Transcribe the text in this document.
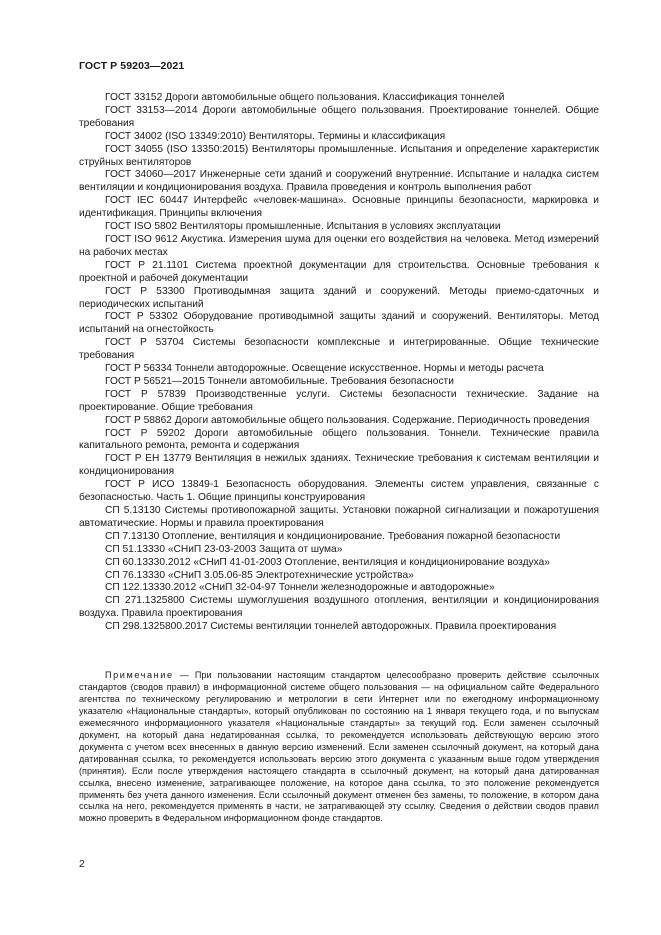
ГОСТ Р 59203—2021

ГОСТ 33152 Дороги автомобильные общего пользования. Классификация тоннелей

ГОСТ 33153—2014 Дороги автомобильные общего пользования. Проектирование тоннелей. Общие требования

ГОСТ 34002 (ISO 13349:2010) Вентиляторы. Термины и классификация

ГОСТ 34055 (ISO 13350:2015) Вентиляторы промышленные. Испытания и определение характеристик струйных вентиляторов

ГОСТ 34060—2017 Инженерные сети зданий и сооружений внутренние. Испытание и наладка систем вентиляции и кондиционирования воздуха. Правила проведения и контроль выполнения работ

ГОСТ IEC 60447 Интерфейс «человек-машина». Основные принципы безопасности, маркировка и идентификация. Принципы включения

ГОСТ ISO 5802 Вентиляторы промышленные. Испытания в условиях эксплуатации

ГОСТ ISO 9612 Акустика. Измерения шума для оценки его воздействия на человека. Метод измерений на рабочих местах

ГОСТ Р 21.1101 Система проектной документации для строительства. Основные требования к проектной и рабочей документации

ГОСТ Р 53300 Противодымная защита зданий и сооружений. Методы приемо-сдаточных и периодических испытаний

ГОСТ Р 53302 Оборудование противодымной защиты зданий и сооружений. Вентиляторы. Метод испытаний на огнестойкость

ГОСТ Р 53704 Системы безопасности комплексные и интегрированные. Общие технические требования

ГОСТ Р 56334 Тоннели автодорожные. Освещение искусственное. Нормы и методы расчета

ГОСТ Р 56521—2015 Тоннели автомобильные. Требования безопасности

ГОСТ Р 57839 Производственные услуги. Системы безопасности технические. Задание на проектирование. Общие требования

ГОСТ Р 58862 Дороги автомобильные общего пользования. Содержание. Периодичность проведения

ГОСТ Р 59202 Дороги автомобильные общего пользования. Тоннели. Технические правила капитального ремонта, ремонта и содержания

ГОСТ Р ЕН 13779 Вентиляция в нежилых зданиях. Технические требования к системам вентиляции и кондиционирования

ГОСТ Р ИСО 13849-1 Безопасность оборудования. Элементы систем управления, связанные с безопасностью. Часть 1. Общие принципы конструирования

СП 5.13130 Системы противопожарной защиты. Установки пожарной сигнализации и пожаротушения автоматические. Нормы и правила проектирования

СП 7.13130 Отопление, вентиляция и кондиционирование. Требования пожарной безопасности

СП 51.13330 «СНиП 23-03-2003 Защита от шума»

СП 60.13330.2012 «СНиП 41-01-2003 Отопление, вентиляция и кондиционирование воздуха»

СП 76.13330 «СНиП 3.05.06-85 Электротехнические устройства»

СП 122.13330.2012 «СНиП 32-04-97 Тоннели железнодорожные и автодорожные»

СП 271.1325800 Системы шумоглушения воздушного отопления, вентиляции и кондиционирования воздуха. Правила проектирования

СП 298.1325800.2017 Системы вентиляции тоннелей автодорожных. Правила проектирования

Примечание — При пользовании настоящим стандартом целесообразно проверить действие ссылочных стандартов (сводов правил) в информационной системе общего пользования — на официальном сайте Федерального агентства по техническому регулированию и метрологии в сети Интернет или по ежегодному информационному указателю «Национальные стандарты», который опубликован по состоянию на 1 января текущего года, и по выпускам ежемесячного информационного указателя «Национальные стандарты» за текущий год. Если заменен ссылочный документ, на который дана недатированная ссылка, то рекомендуется использовать действующую версию этого документа с учетом всех внесенных в данную версию изменений. Если заменен ссылочный документ, на который дана датированная ссылка, то рекомендуется использовать версию этого документа с указанным выше годом утверждения (принятия). Если после утверждения настоящего стандарта в ссылочный документ, на который дана датированная ссылка, внесено изменение, затрагивающее положение, на которое дана ссылка, то это положение рекомендуется применять без учета данного изменения. Если ссылочный документ отменен без замены, то положение, в котором дана ссылка на него, рекомендуется применять в части, не затрагивающей эту ссылку. Сведения о действии сводов правил можно проверить в Федеральном информационном фонде стандартов.

2
